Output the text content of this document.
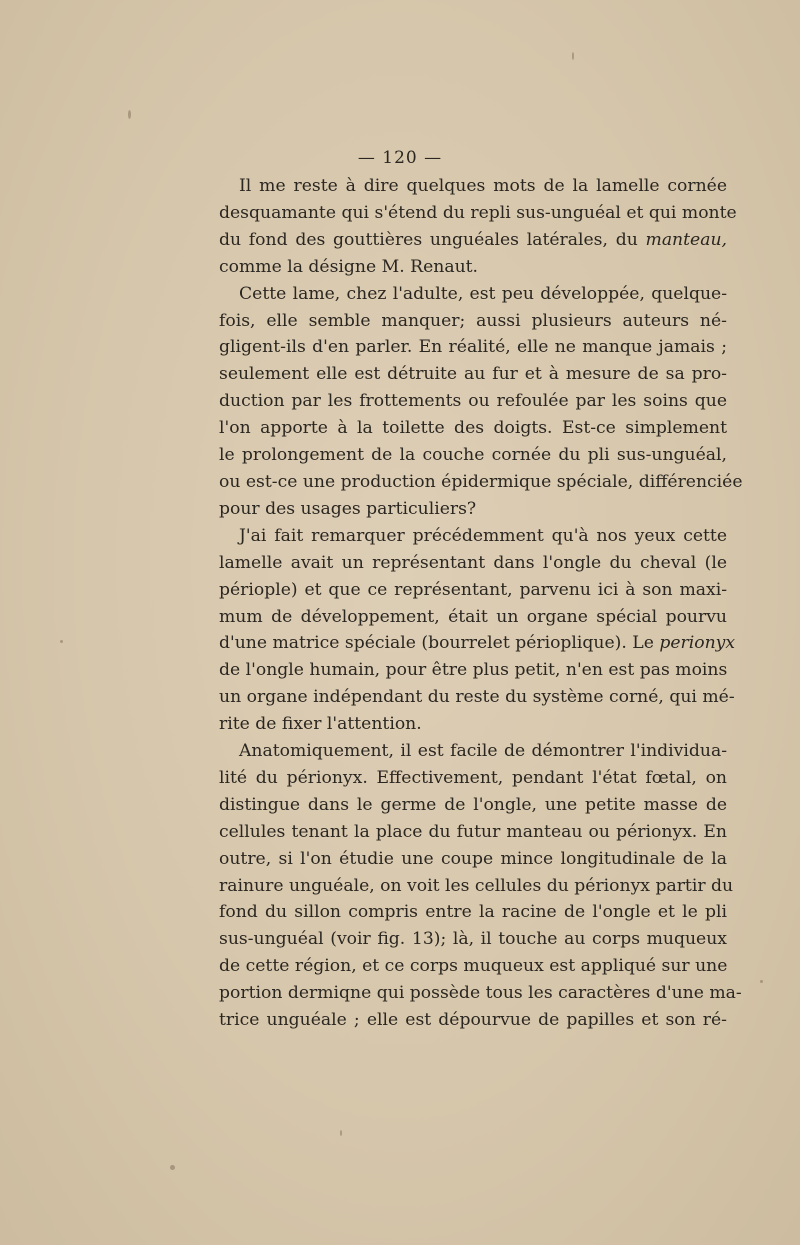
— 120 —

Il me reste à dire quelques mots de la lamelle cornée
desquamante qui s'étend du repli sus-unguéal et qui monte
du fond des gouttières unguéales latérales, du manteau,
comme la désigne M. Renaut.

Cette lame, chez l'adulte, est peu développée, quelque-
fois, elle semble manquer; aussi plusieurs auteurs né-
gligent-ils d'en parler. En réalité, elle ne manque jamais ;
seulement elle est détruite au fur et à mesure de sa pro-
duction par les frottements ou refoulée par les soins que
l'on apporte à la toilette des doigts. Est-ce simplement
le prolongement de la couche cornée du pli sus-unguéal,
ou est-ce une production épidermique spéciale, différenciée
pour des usages particuliers?

J'ai fait remarquer précédemment qu'à nos yeux cette
lamelle avait un représentant dans l'ongle du cheval (le
périople) et que ce représentant, parvenu ici à son maxi-
mum de développement, était un organe spécial pourvu
d'une matrice spéciale (bourrelet périoplique). Le perionyx
de l'ongle humain, pour être plus petit, n'en est pas moins
un organe indépendant du reste du système corné, qui mé-
rite de fixer l'attention.

Anatomiquement, il est facile de démontrer l'individua-
lité du périonyx. Effectivement, pendant l'état fœtal, on
distingue dans le germe de l'ongle, une petite masse de
cellules tenant la place du futur manteau ou périonyx. En
outre, si l'on étudie une coupe mince longitudinale de la
rainure unguéale, on voit les cellules du périonyx partir du
fond du sillon compris entre la racine de l'ongle et le pli
sus-unguéal (voir fig. 13); là, il touche au corps muqueux
de cette région, et ce corps muqueux est appliqué sur une
portion dermiqne qui possède tous les caractères d'une ma-
trice unguéale ; elle est dépourvue de papilles et son ré-
